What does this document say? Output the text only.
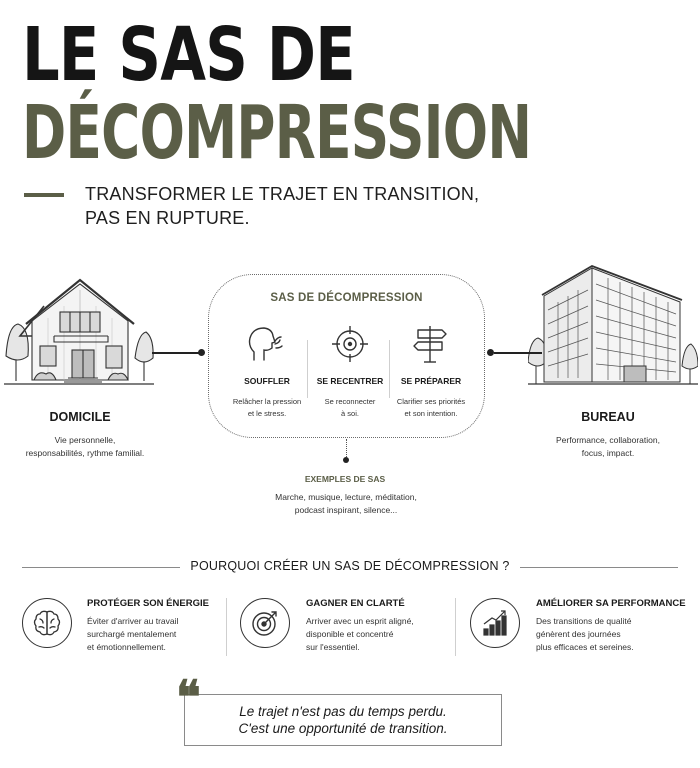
LE SAS DE
DÉCOMPRESSION
TRANSFORMER LE TRAJET EN TRANSITION,
PAS EN RUPTURE.
DOMICILE
Vie personnelle,
responsabilités, rythme familial.
BUREAU
Performance, collaboration,
focus, impact.
SAS DE DÉCOMPRESSION
SOUFFLER
Relâcher la pression
et le stress.
SE RECENTRER
Se reconnecter
à soi.
SE PRÉPARER
Clarifier ses priorités
et son intention.
EXEMPLES DE SAS
Marche, musique, lecture, méditation,
podcast inspirant, silence...
POURQUOI CRÉER UN SAS DE DÉCOMPRESSION ?
PROTÉGER SON ÉNERGIE
Éviter d'arriver au travail
surchargé mentalement
et émotionnellement.
GAGNER EN CLARTÉ
Arriver avec un esprit aligné,
disponible et concentré
sur l'essentiel.
AMÉLIORER SA PERFORMANCE
Des transitions de qualité
génèrent des journées
plus efficaces et sereines.
❝	Le trajet n'est pas du temps perdu.
C'est une opportunité de transition.
